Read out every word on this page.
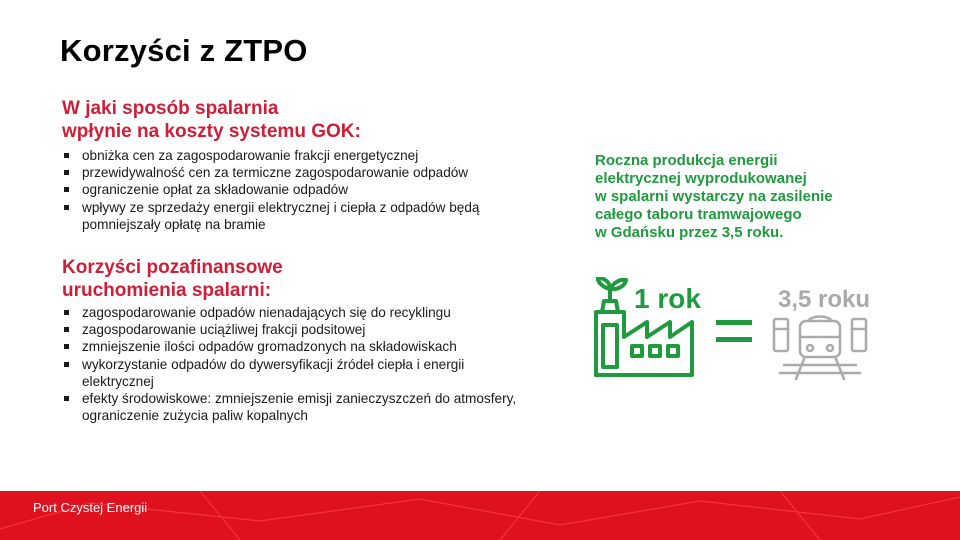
Korzyści z ZTPO
W jaki sposób spalarnia
wpłynie na koszty systemu GOK:
obniżka cen za zagospodarowanie frakcji energetycznej
przewidywalność cen za termiczne zagospodarowanie odpadów
ograniczenie opłat za składowanie odpadów
wpływy ze sprzedaży energii elektrycznej i ciepła z odpadów będą pomniejszały opłatę na bramie
Korzyści pozafinansowe
uruchomienia spalarni:
zagospodarowanie odpadów nienadających się do recyklingu
zagospodarowanie uciążliwej frakcji podsitowej
zmniejszenie ilości odpadów gromadzonych na składowiskach
wykorzystanie odpadów do dywersyfikacji źródeł ciepła i energii elektrycznej
efekty środowiskowe: zmniejszenie emisji zanieczyszczeń do atmosfery, ograniczenie zużycia paliw kopalnych
Roczna produkcja energii
elektrycznej wyprodukowanej
w spalarni wystarczy na zasilenie
całego taboru tramwajowego
w Gdańsku przez 3,5 roku.
1 rok	3,5 roku
Port Czystej Energii
